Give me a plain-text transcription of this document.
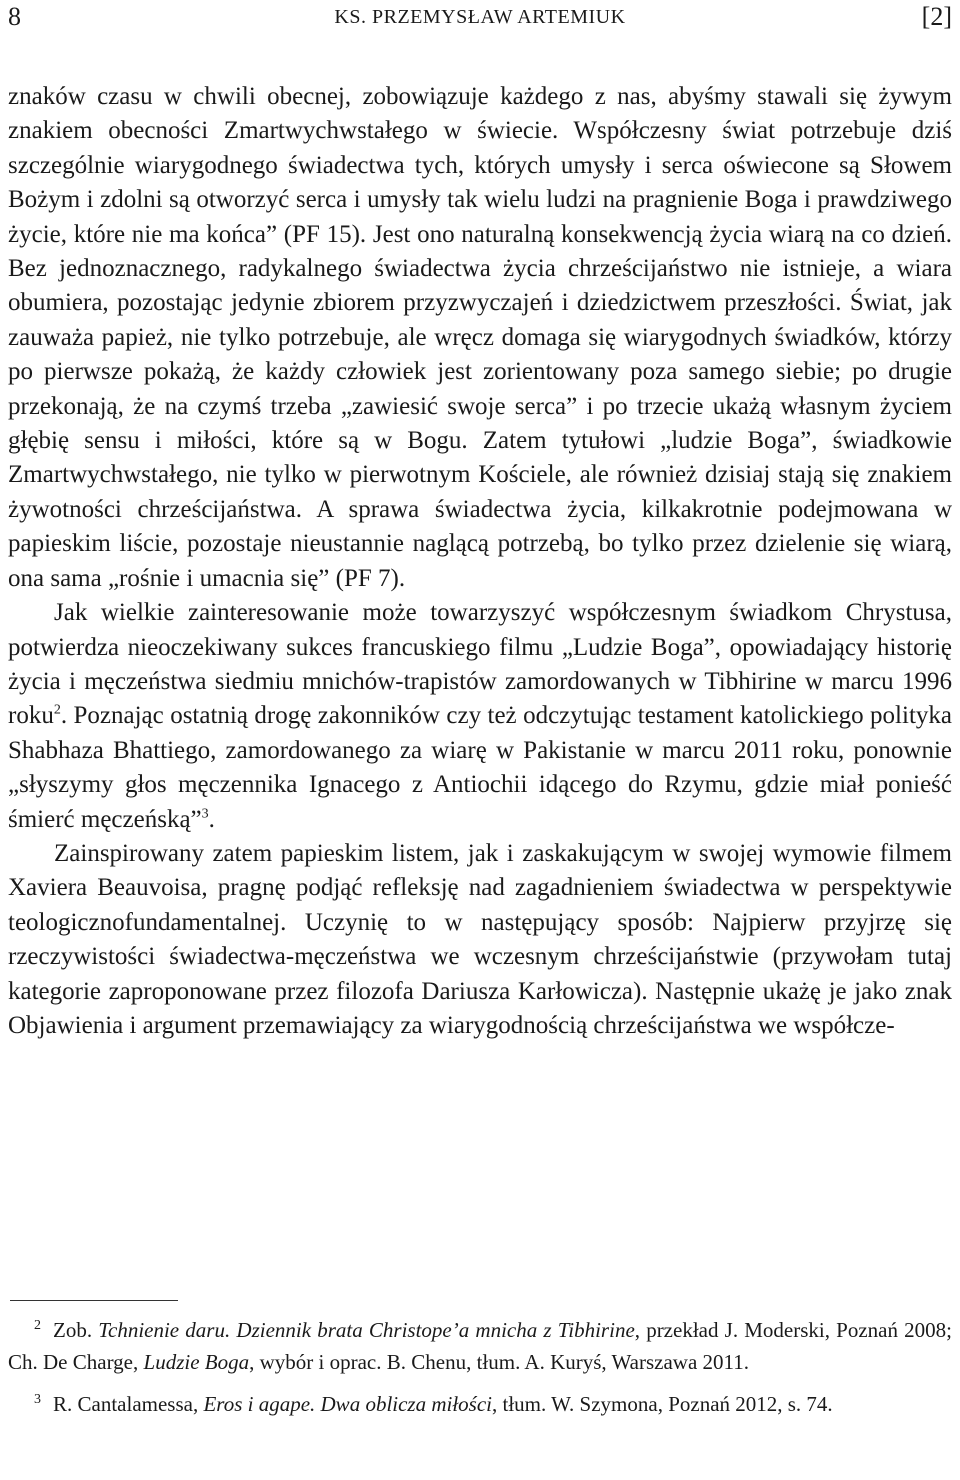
8	KS. PRZEMYSŁAW ARTEMIUK	[2]

znaków czasu w chwili obecnej, zobowiązuje każdego z nas, abyśmy stawali się żywym znakiem obecności Zmartwychwstałego w świecie. Współczesny świat potrzebuje dziś szczególnie wiarygodnego świadectwa tych, których umysły i serca oświecone są Słowem Bożym i zdolni są otworzyć serca i umysły tak wielu ludzi na pragnienie Boga i prawdziwego życie, które nie ma końca” (PF 15). Jest ono naturalną konsekwencją życia wiarą na co dzień. Bez jednoznacznego, radykalnego świadectwa życia chrześcijaństwo nie istnieje, a wiara obumiera, pozostając jedynie zbiorem przyzwyczajeń i dziedzictwem przeszłości. Świat, jak zauważa papież, nie tylko potrzebuje, ale wręcz domaga się wiarygodnych świadków, którzy po pierwsze pokażą, że każdy człowiek jest zorientowany poza samego siebie; po drugie przekonają, że na czymś trzeba „zawiesić swoje serca” i po trzecie ukażą własnym życiem głębię sensu i miłości, które są w Bogu. Zatem tytułowi „ludzie Boga”, świadkowie Zmartwychwstałego, nie tylko w pierwotnym Kościele, ale również dzisiaj stają się znakiem żywotności chrześcijaństwa. A sprawa świadectwa życia, kilkakrotnie podejmowana w papieskim liście, pozostaje nieustannie naglącą potrzebą, bo tylko przez dzielenie się wiarą, ona sama „rośnie i umacnia się” (PF 7).

Jak wielkie zainteresowanie może towarzyszyć współczesnym świadkom Chrystusa, potwierdza nieoczekiwany sukces francuskiego filmu „Ludzie Boga”, opowiadający historię życia i męczeństwa siedmiu mnichów-trapistów zamordowanych w Tibhirine w marcu 1996 roku$^2$. Poznając ostatnią drogę zakonników czy też odczytując testament katolickiego polityka Shabhaza Bhattiego, zamordowanego za wiarę w Pakistanie w marcu 2011 roku, ponownie „słyszymy głos męczennika Ignacego z Antiochii idącego do Rzymu, gdzie miał ponieść śmierć męczeńską”$^3$.

Zainspirowany zatem papieskim listem, jak i zaskakującym w swojej wymowie filmem Xaviera Beauvoisa, pragnę podjąć refleksję nad zagadnieniem świadectwa w perspektywie teologicznofundamentalnej. Uczynię to w następujący sposób: Najpierw przyjrzę się rzeczywistości świadectwa-męczeństwa we wczesnym chrześcijaństwie (przywołam tutaj kategorie zaproponowane przez filozofa Dariusza Karłowicza). Następnie ukażę je jako znak Objawienia i argument przemawiający za wiarygodnością chrześcijaństwa we współcze-

$^2$ Zob. Tchnienie daru. Dziennik brata Christope’a mnicha z Tibhirine, przekład J. Moderski, Poznań 2008; Ch. De Charge, Ludzie Boga, wybór i oprac. B. Chenu, tłum. A. Kuryś, Warszawa 2011.

$^3$ R. Cantalamessa, Eros i agape. Dwa oblicza miłości, tłum. W. Szymona, Poznań 2012, s. 74.
